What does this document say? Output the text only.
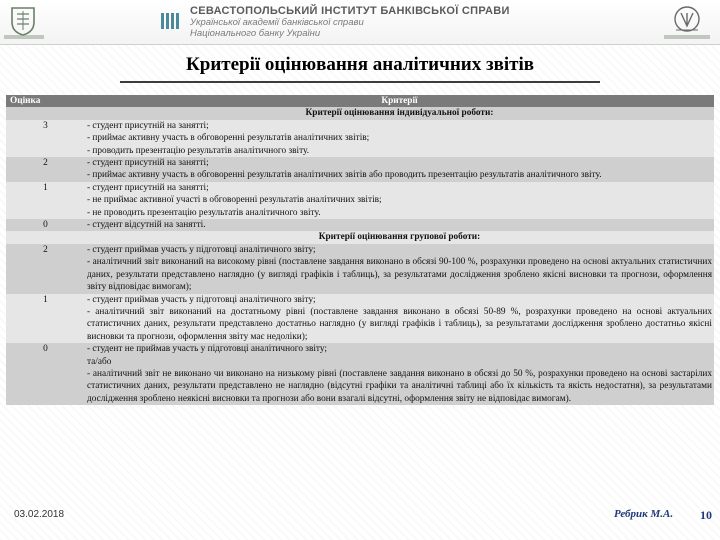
СЕВАСТОПОЛЬСЬКИЙ ІНСТИТУТ БАНКІВСЬКОЇ СПРАВИ
Української академії банківської справи
Національного банку України
Критерії оцінювання аналітичних звітів
Оцінка	Критерії
	Критерії оцінювання індивідуальної роботи:
3	- студент присутній на занятті;
- приймає активну участь в обговоренні результатів аналітичних звітів;
- проводить презентацію результатів аналітичного звіту.

2	- студент присутній на занятті;
- приймає активну участь в обговоренні результатів аналітичних звітів або проводить презентацію результатів аналітичного звіту.

1	- студент присутній на занятті;
- не приймає активної участі в обговоренні результатів аналітичних звітів;
- не проводить презентацію результатів аналітичного звіту.

0	- студент відсутній на занятті.

	Критерії оцінювання групової роботи:
2	- студент приймав участь у підготовці аналітичного звіту;
- аналітичний звіт виконаний на високому рівні (поставлене завдання виконано в обсязі 90-100 %, розрахунки проведено на основі актуальних статистичних даних, результати представлено наглядно (у вигляді графіків і таблиць), за результатами дослідження зроблено якісні висновки та прогнози, оформлення звіту відповідає вимогам);

1	- студент приймав участь у підготовці аналітичного звіту;
- аналітичний звіт виконаний на достатньому рівні (поставлене завдання виконано в обсязі 50-89 %, розрахунки проведено на основі актуальних статистичних даних, результати представлено достатньо наглядно (у вигляді графіків і таблиць), за результатами дослідження зроблено достатньо якісні висновки та прогнози, оформлення звіту має недоліки);

0	- студент не приймав участь у підготовці аналітичного звіту;
та/або
- аналітичний звіт не виконано чи виконано на низькому рівні (поставлене завдання виконано в обсязі до 50 %, розрахунки проведено на основі застарілих статистичних даних, результати представлено не наглядно (відсутні графіки та аналітичні таблиці або їх кількість та якість недостатня), за результатами дослідження зроблено неякісні висновки та прогнози або вони взагалі відсутні, оформлення звіту не відповідає вимогам).
03.02.2018	Ребрик М.А. 10
